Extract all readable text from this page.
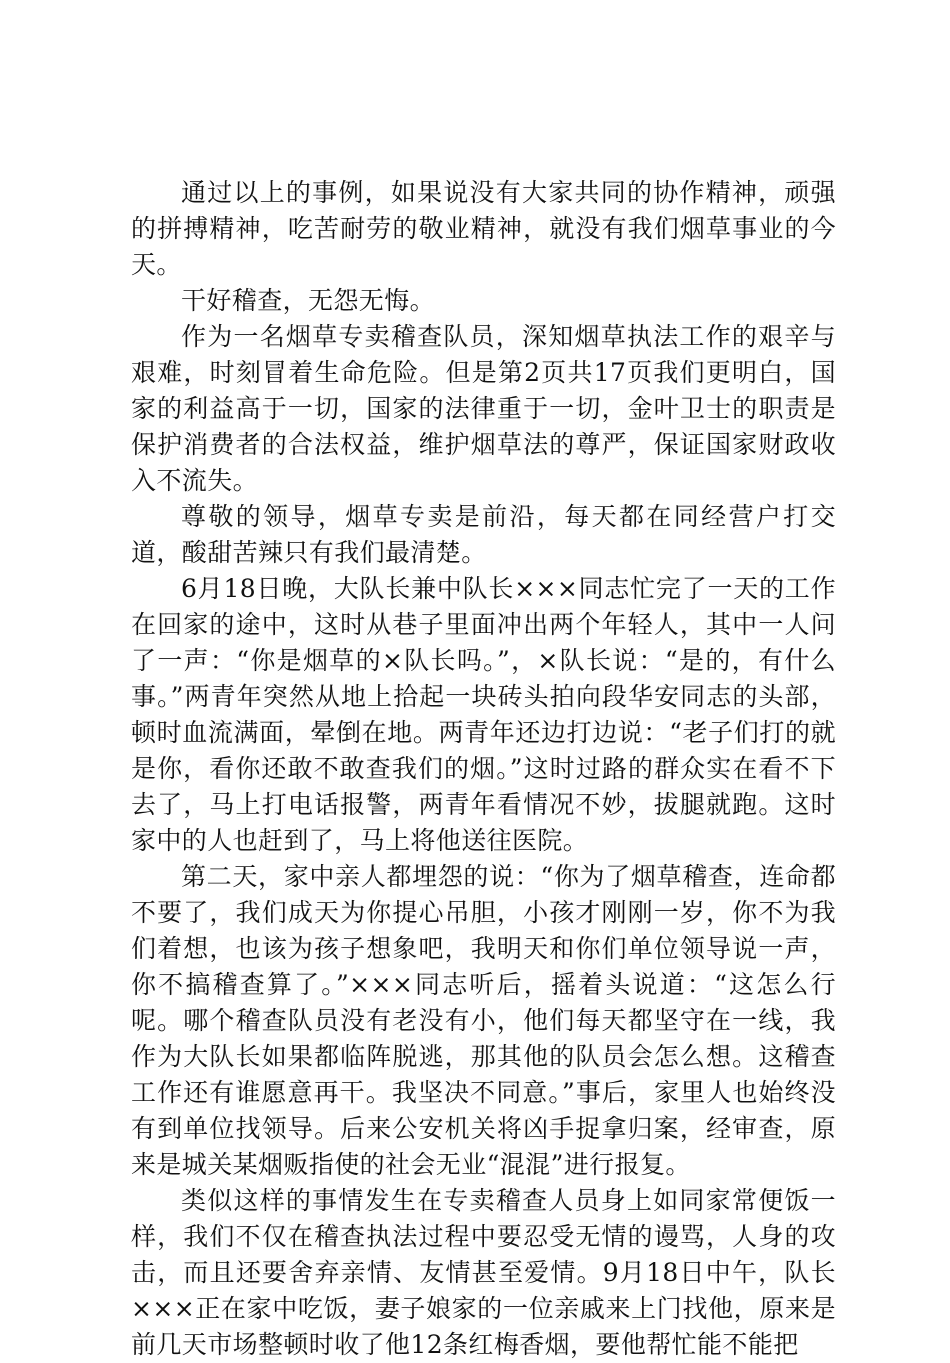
通过以上的事例，如果说没有大家共同的协作精神，顽强的拼搏精神，吃苦耐劳的敬业精神，就没有我们烟草事业的今天。

干好稽查，无怨无悔。

作为一名烟草专卖稽查队员，深知烟草执法工作的艰辛与艰难，时刻冒着生命危险。但是第2页共17页我们更明白，国家的利益高于一切，国家的法律重于一切，金叶卫士的职责是保护消费者的合法权益，维护烟草法的尊严，保证国家财政收入不流失。

尊敬的领导，烟草专卖是前沿，每天都在同经营户打交道，酸甜苦辣只有我们最清楚。

6月18日晚，大队长兼中队长×××同志忙完了一天的工作在回家的途中，这时从巷子里面冲出两个年轻人，其中一人问了一声：“你是烟草的×队长吗。”，×队长说：“是的，有什么事。”两青年突然从地上拾起一块砖头拍向段华安同志的头部，顿时血流满面，晕倒在地。两青年还边打边说：“老子们打的就是你，看你还敢不敢查我们的烟。”这时过路的群众实在看不下去了，马上打电话报警，两青年看情况不妙，拔腿就跑。这时家中的人也赶到了，马上将他送往医院。

第二天，家中亲人都埋怨的说：“你为了烟草稽查，连命都不要了，我们成天为你提心吊胆，小孩才刚刚一岁，你不为我们着想，也该为孩子想象吧，我明天和你们单位领导说一声，你不搞稽查算了。”×××同志听后，摇着头说道：“这怎么行呢。哪个稽查队员没有老没有小，他们每天都坚守在一线，我作为大队长如果都临阵脱逃，那其他的队员会怎么想。这稽查工作还有谁愿意再干。我坚决不同意。”事后，家里人也始终没有到单位找领导。后来公安机关将凶手捉拿归案，经审查，原来是城关某烟贩指使的社会无业“混混”进行报复。

类似这样的事情发生在专卖稽查人员身上如同家常便饭一样，我们不仅在稽查执法过程中要忍受无情的谩骂，人身的攻击，而且还要舍弃亲情、友情甚至爱情。9月18日中午，队长×××正在家中吃饭，妻子娘家的一位亲戚来上门找他，原来是前几天市场整顿时收了他12条红梅香烟，要他帮忙能不能把
